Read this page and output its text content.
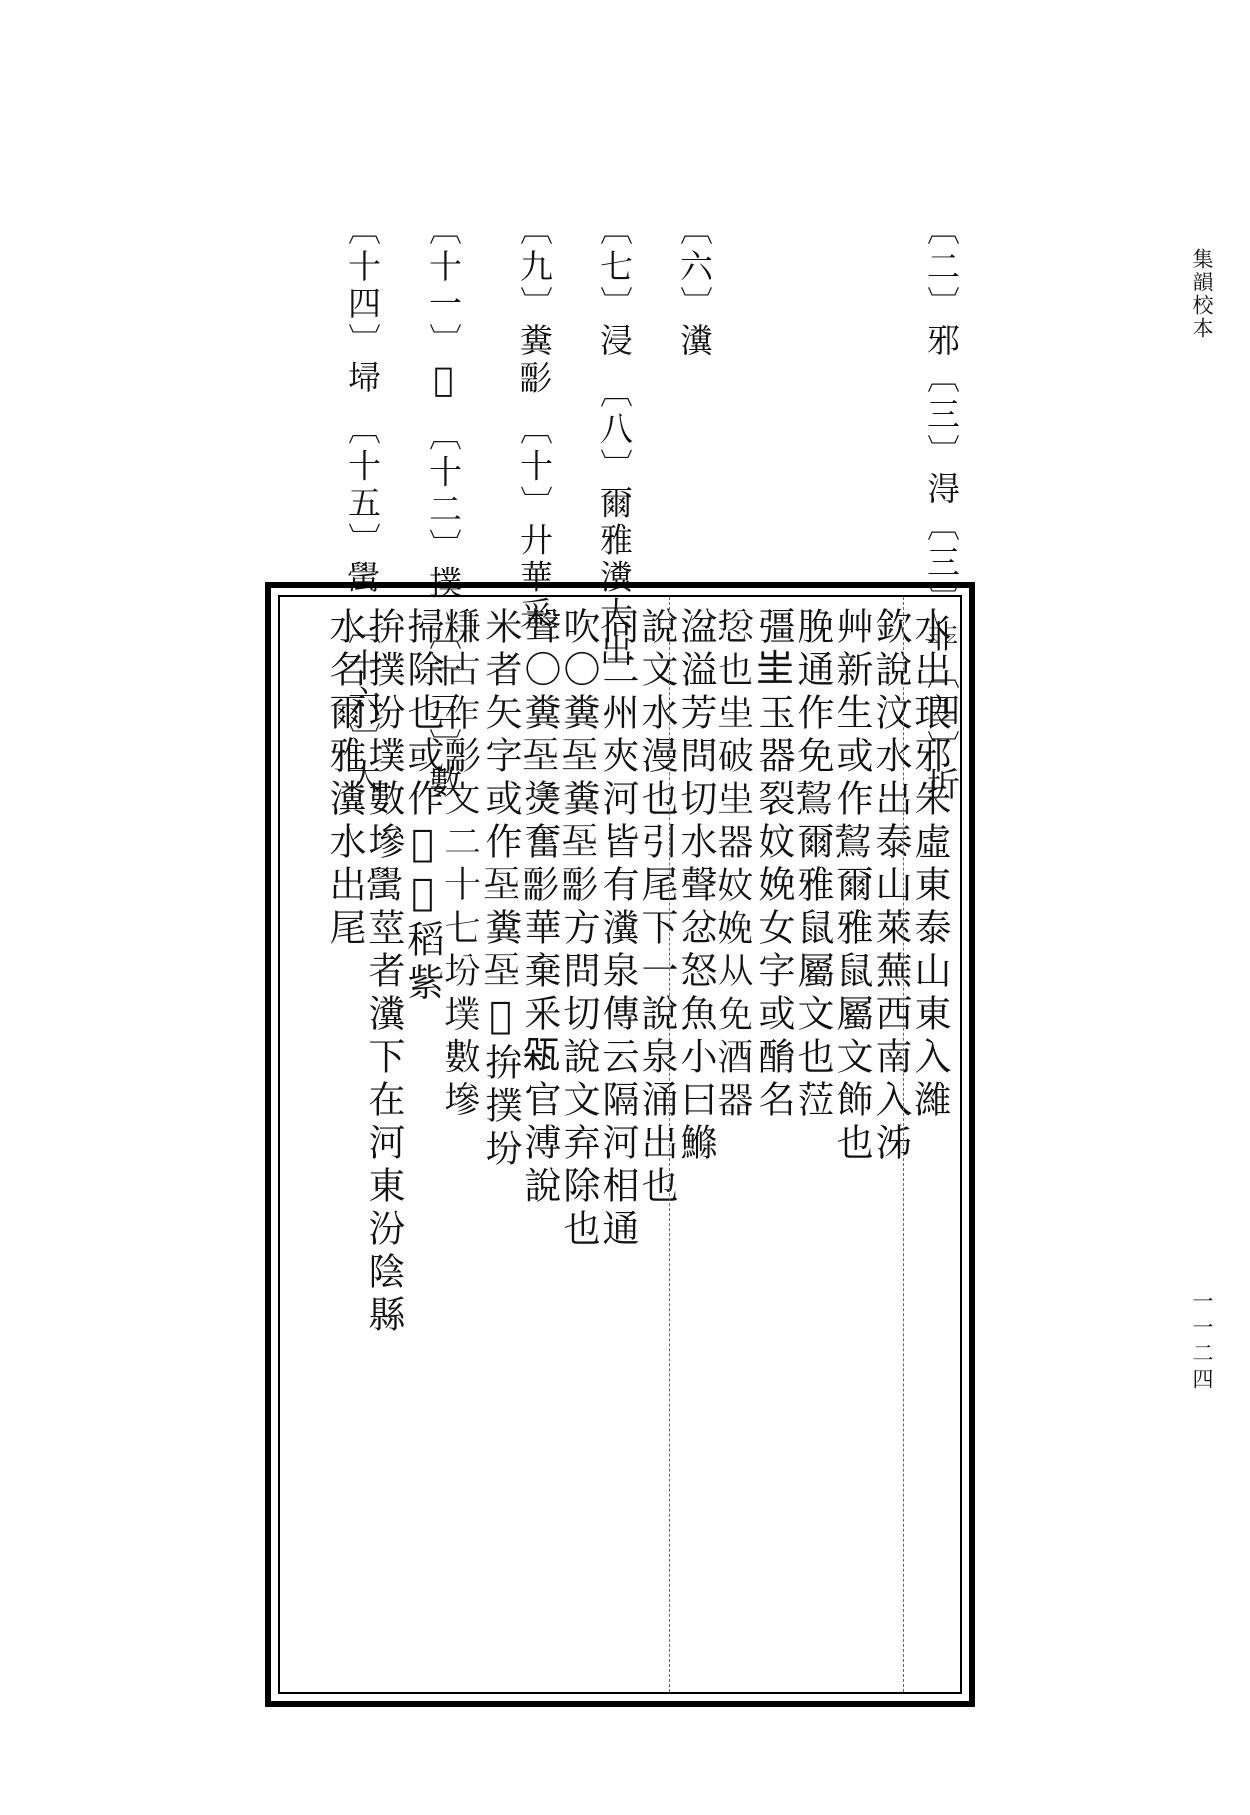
集韻校本
一一二四
〔二〕邪〔三〕淂〔三〕𩇧〔四〕圻
〔六〕瀵
〔七〕浸 〔八〕爾雅瀵大出
〔九〕糞𦓘 〔十〕廾華采
〔十一〕𡐈 〔十二〕撲 〔十三〕數
〔十四〕埽 〔十五〕𥝊 〔十六〕大
水出琅邪朱虛東泰山東入濰
欽說汶水出泰山萊蕪西南入泲
艸新生或作𪁍爾雅鼠屬文飾也
脕通作免𪁍爾雅鼠屬文也𦲷
彊𡉚玉器裂妏娩女字或酳名
𢚅也𡉚破𡉚器妏娩从免酒器
湓溢芳問切水聲忿怒魚小曰鰷
說文水漫也引尾下一說泉涌出也
同二州夾河皆有瀵泉傳云隔河相通
吹〇糞𡊝糞𡊝𦓘方問切說文弃除也
聲〇糞𡊝㷭奮𦓘華棄釆𤬾官溥說
米者矢字或作𡊝糞𡊝𡐈拚撲坋
𥻧古作𦓘文二十七坋墣數墋
掃除也或作𡐈𥝊稻紫
拚撲坋墣數墋𥝊莖者瀵下在河東汾陰縣
水名爾雅瀵水出尾
